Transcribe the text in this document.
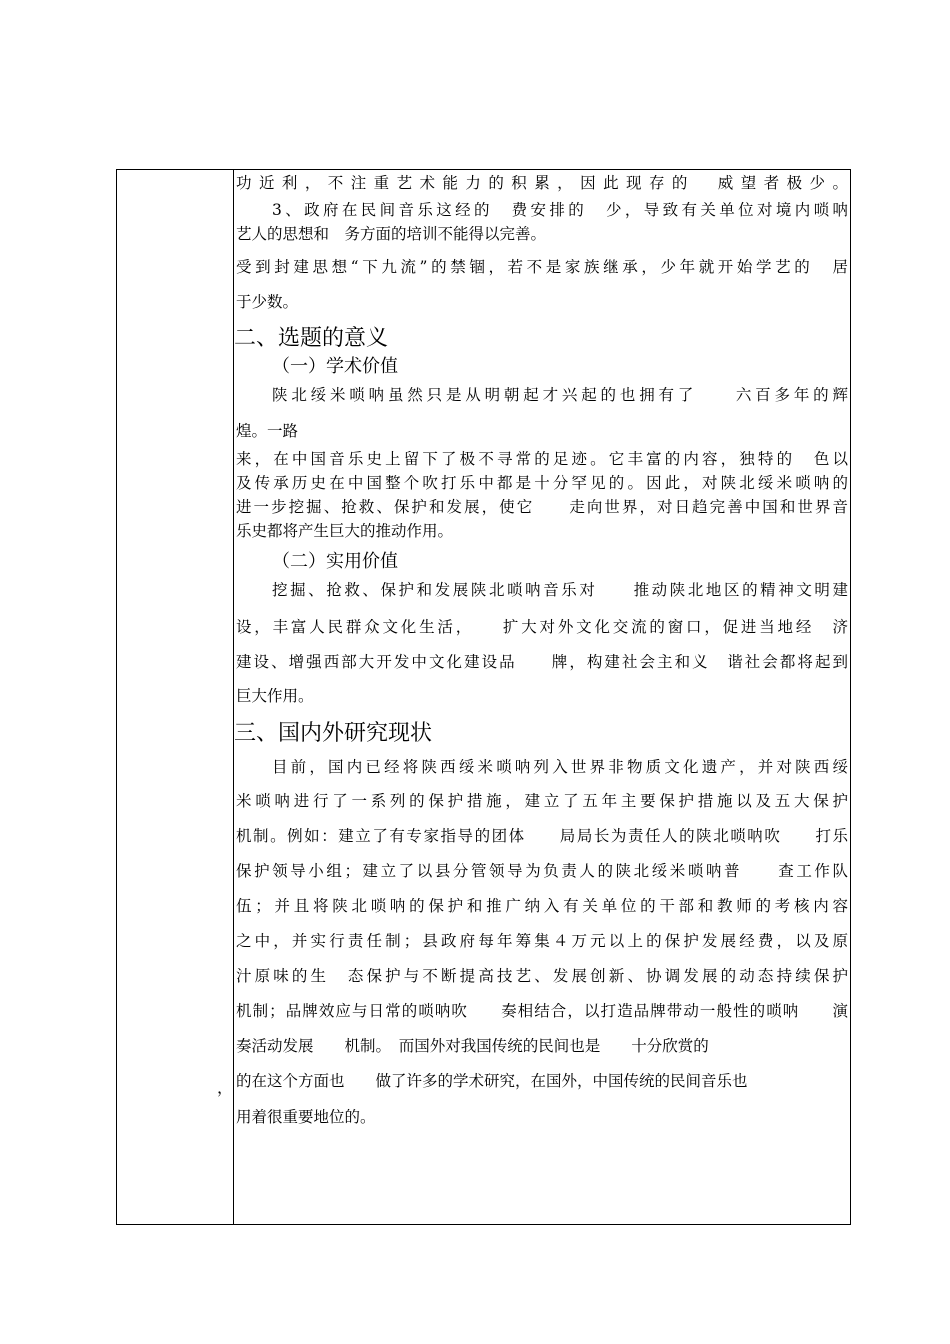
，
功近利，不注重艺术能力的积累，因此现存的　威望者极少。
3、政府在民间音乐这经的　费安排的　少，导致有关单位对境内唢呐
艺人的思想和　务方面的培训不能得以完善。
受到封建思想“下九流”的禁锢，若不是家族继承，少年就开始学艺的　居
于少数。
二、选题的意义
（一）学术价值
陕北绥米唢呐虽然只是从明朝起才兴起的也拥有了　　六百多年的辉
煌。一路
来，在中国音乐史上留下了极不寻常的足迹。它丰富的内容，独特的　色以
及传承历史在中国整个吹打乐中都是十分罕见的。因此，对陕北绥米唢呐的
进一步挖掘、抢救、保护和发展，使它　　走向世界，对日趋完善中国和世界音
乐史都将产生巨大的推动作用。
（二）实用价值
挖掘、抢救、保护和发展陕北唢呐音乐对　　推动陕北地区的精神文明建
设，丰富人民群众文化生活，　　扩大对外文化交流的窗口，促进当地经　济
建设、增强西部大开发中文化建设品　　牌，构建社会主和义　谐社会都将起到
巨大作用。
三、国内外研究现状
目前，国内已经将陕西绥米唢呐列入世界非物质文化遗产，并对陕西绥
米唢呐进行了一系列的保护措施，建立了五年主要保护措施以及五大保护
机制。例如：建立了有专家指导的团体　　局局长为责任人的陕北唢呐吹　　打乐
保护领导小组；建立了以县分管领导为负责人的陕北绥米唢呐普　　查工作队
伍；并且将陕北唢呐的保护和推广纳入有关单位的干部和教师的考核内容
之中，并实行责任制；县政府每年筹集４万元以上的保护发展经费，以及原
汁原味的生　态保护与不断提高技艺、发展创新、协调发展的动态持续保护
机制；品牌效应与日常的唢呐吹　　奏相结合，以打造品牌带动一般性的唢呐　　演
奏活动发展　　机制。　而国外对我国传统的民间也是　　十分欣赏的
的在这个方面也　　做了许多的学术研究，在国外，中国传统的民间音乐也
用着很重要地位的。
